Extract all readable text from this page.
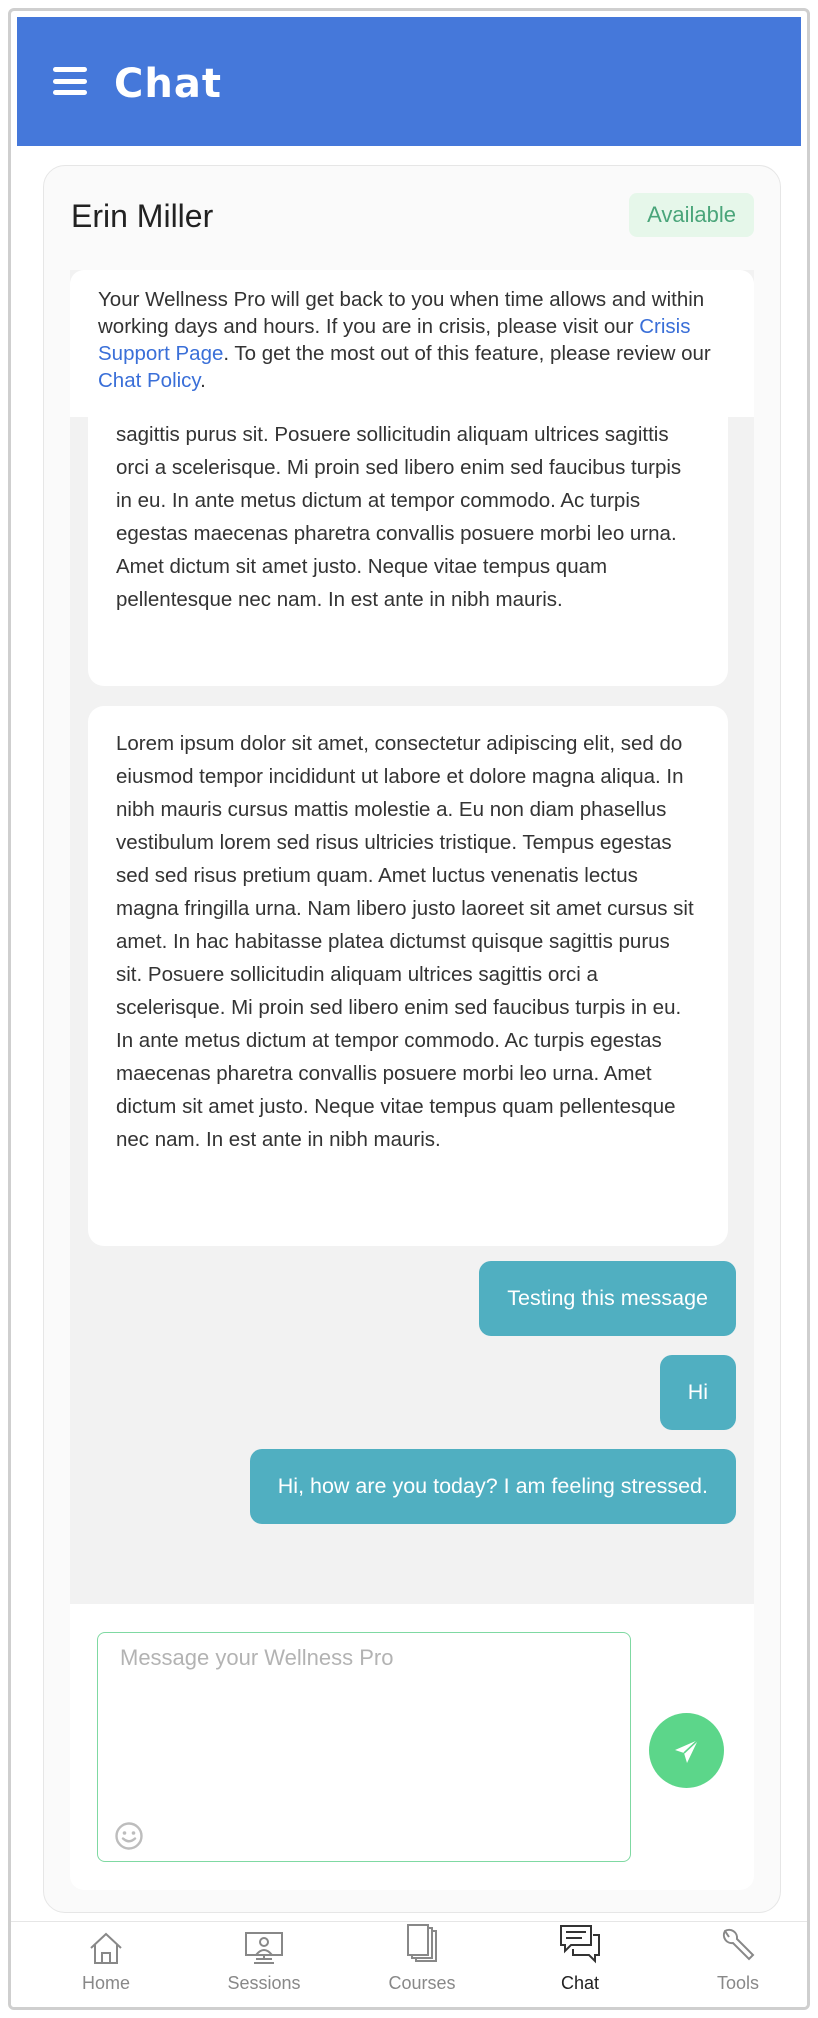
Chat
Erin Miller	Available
Your Wellness Pro will get back to you when time allows and within working days and hours. If you are in crisis, please visit our Crisis Support Page. To get the most out of this feature, please review our Chat Policy.
sagittis purus sit. Posuere sollicitudin aliquam ultrices sagittis orci a scelerisque. Mi proin sed libero enim sed faucibus turpis in eu. In ante metus dictum at tempor commodo. Ac turpis egestas maecenas pharetra convallis posuere morbi leo urna. Amet dictum sit amet justo. Neque vitae tempus quam pellentesque nec nam. In est ante in nibh mauris.
Lorem ipsum dolor sit amet, consectetur adipiscing elit, sed do eiusmod tempor incididunt ut labore et dolore magna aliqua. In nibh mauris cursus mattis molestie a. Eu non diam phasellus vestibulum lorem sed risus ultricies tristique. Tempus egestas sed sed risus pretium quam. Amet luctus venenatis lectus magna fringilla urna. Nam libero justo laoreet sit amet cursus sit amet. In hac habitasse platea dictumst quisque sagittis purus sit. Posuere sollicitudin aliquam ultrices sagittis orci a scelerisque. Mi proin sed libero enim sed faucibus turpis in eu. In ante metus dictum at tempor commodo. Ac turpis egestas maecenas pharetra convallis posuere morbi leo urna. Amet dictum sit amet justo. Neque vitae tempus quam pellentesque nec nam. In est ante in nibh mauris.
Testing this message
Hi
Hi, how are you today? I am feeling stressed.
Message your Wellness Pro
Home	Sessions	Courses	Chat	Tools
